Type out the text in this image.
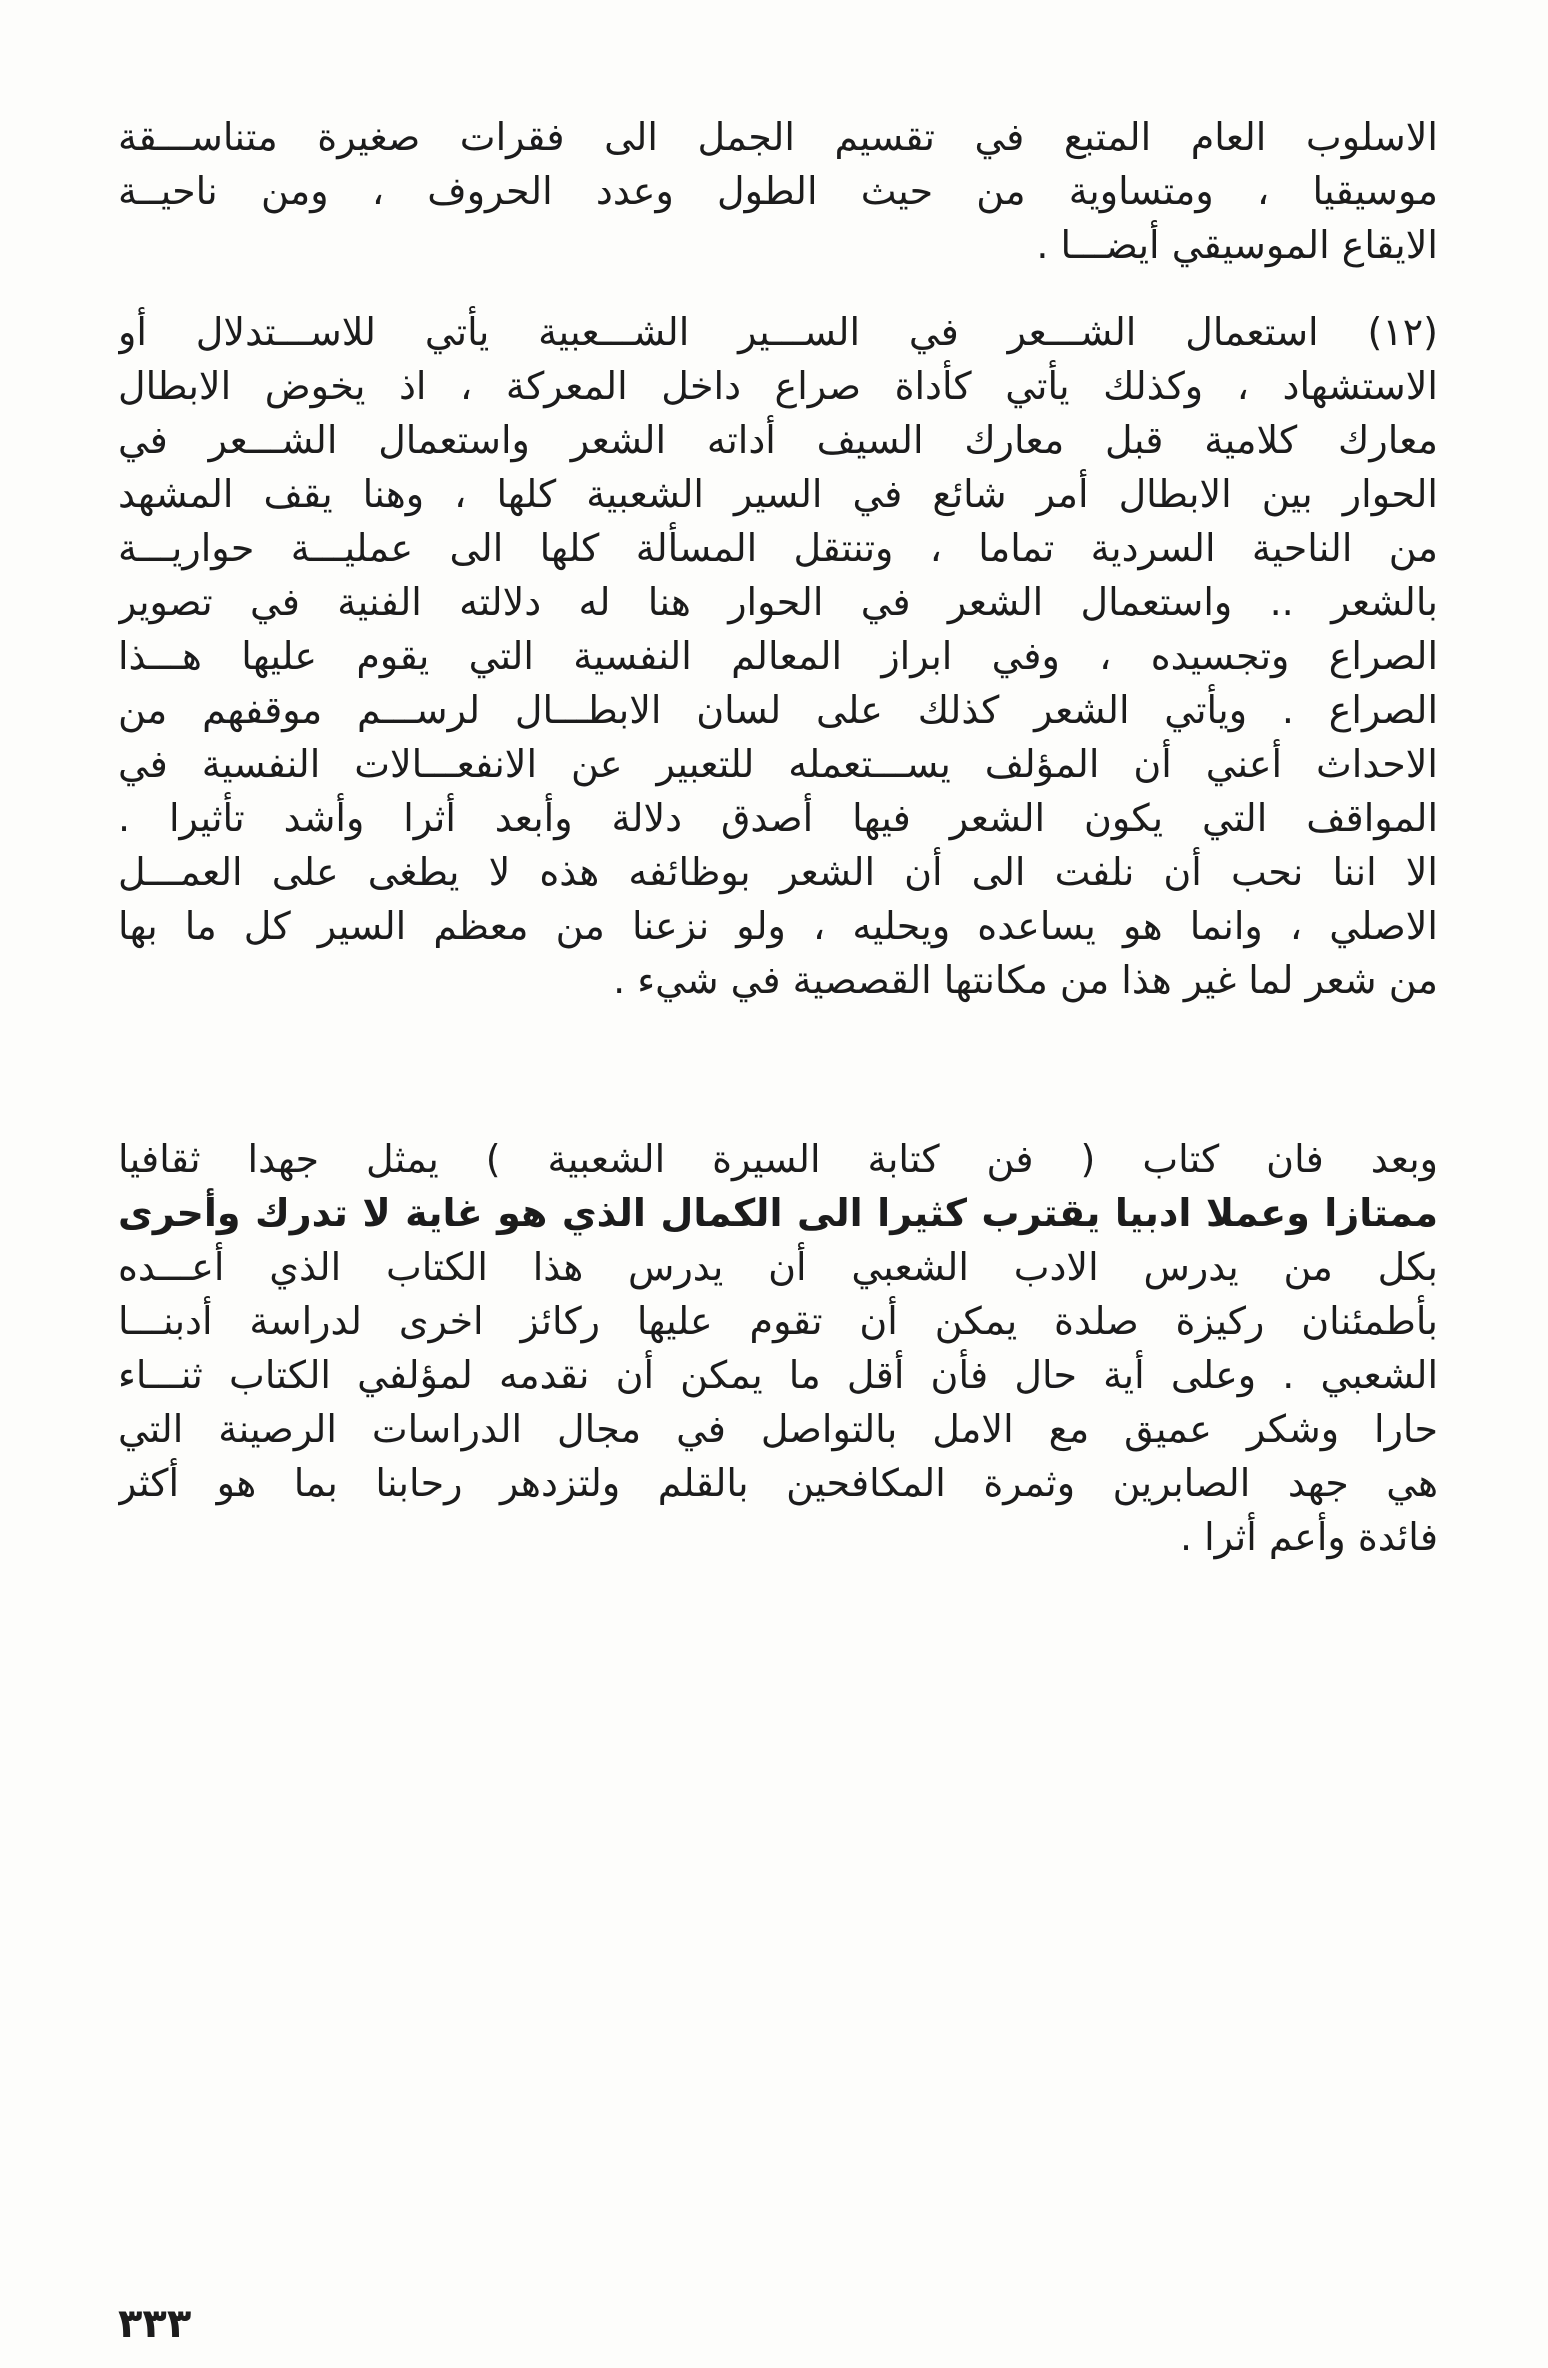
الاسلوب العام المتبع في تقسيم الجمل الى فقرات صغيرة متناســـقة
موسيقيا ، ومتساوية من حيث الطول وعدد الحروف ، ومن ناحيــة
الايقاع الموسيقي أيضـــا .
(١٢) استعمال الشـــعر في الســـير الشـــعبية يأتي للاســـتدلال أو
الاستشهاد ، وكذلك يأتي كأداة صراع داخل المعركة ، اذ يخوض الابطال
معارك كلامية قبل معارك السيف أداته الشعر واستعمال الشـــعر في
الحوار بين الابطال أمر شائع في السير الشعبية كلها ، وهنا يقف المشهد
من الناحية السردية تماما ، وتنتقل المسألة كلها الى عمليـــة حواريـــة
بالشعر .. واستعمال الشعر في الحوار هنا له دلالته الفنية في تصوير
الصراع وتجسيده ، وفي ابراز المعالم النفسية التي يقوم عليها هـــذا
الصراع . ويأتي الشعر كذلك على لسان الابطـــال لرســـم موقفهم من
الاحداث أعني أن المؤلف يســـتعمله للتعبير عن الانفعـــالات النفسية في
المواقف التي يكون الشعر فيها أصدق دلالة وأبعد أثرا وأشد تأثيرا .
الا اننا نحب أن نلفت الى أن الشعر بوظائفه هذه لا يطغى على العمـــل
الاصلي ، وانما هو يساعده ويحليه ، ولو نزعنا من معظم السير كل ما بها
من شعر لما غير هذا من مكانتها القصصية في شيء .
وبعد فان كتاب ( فن كتابة السيرة الشعبية ) يمثل جهدا ثقافيا
ممتازا وعملا ادبيا يقترب كثيرا الى الكمال الذي هو غاية لا تدرك وأحرى
بكل من يدرس الادب الشعبي أن يدرس هذا الكتاب الذي أعـــده
بأطمئنان ركيزة صلدة يمكن أن تقوم عليها ركائز اخرى لدراسة أدبنـــا
الشعبي . وعلى أية حال فأن أقل ما يمكن أن نقدمه لمؤلفي الكتاب ثنـــاء
حارا وشكر عميق مع الامل بالتواصل في مجال الدراسات الرصينة التي
هي جهد الصابرين وثمرة المكافحين بالقلم ولتزدهر رحابنا بما هو أكثر
فائدة وأعم أثرا .
٣٣٣
